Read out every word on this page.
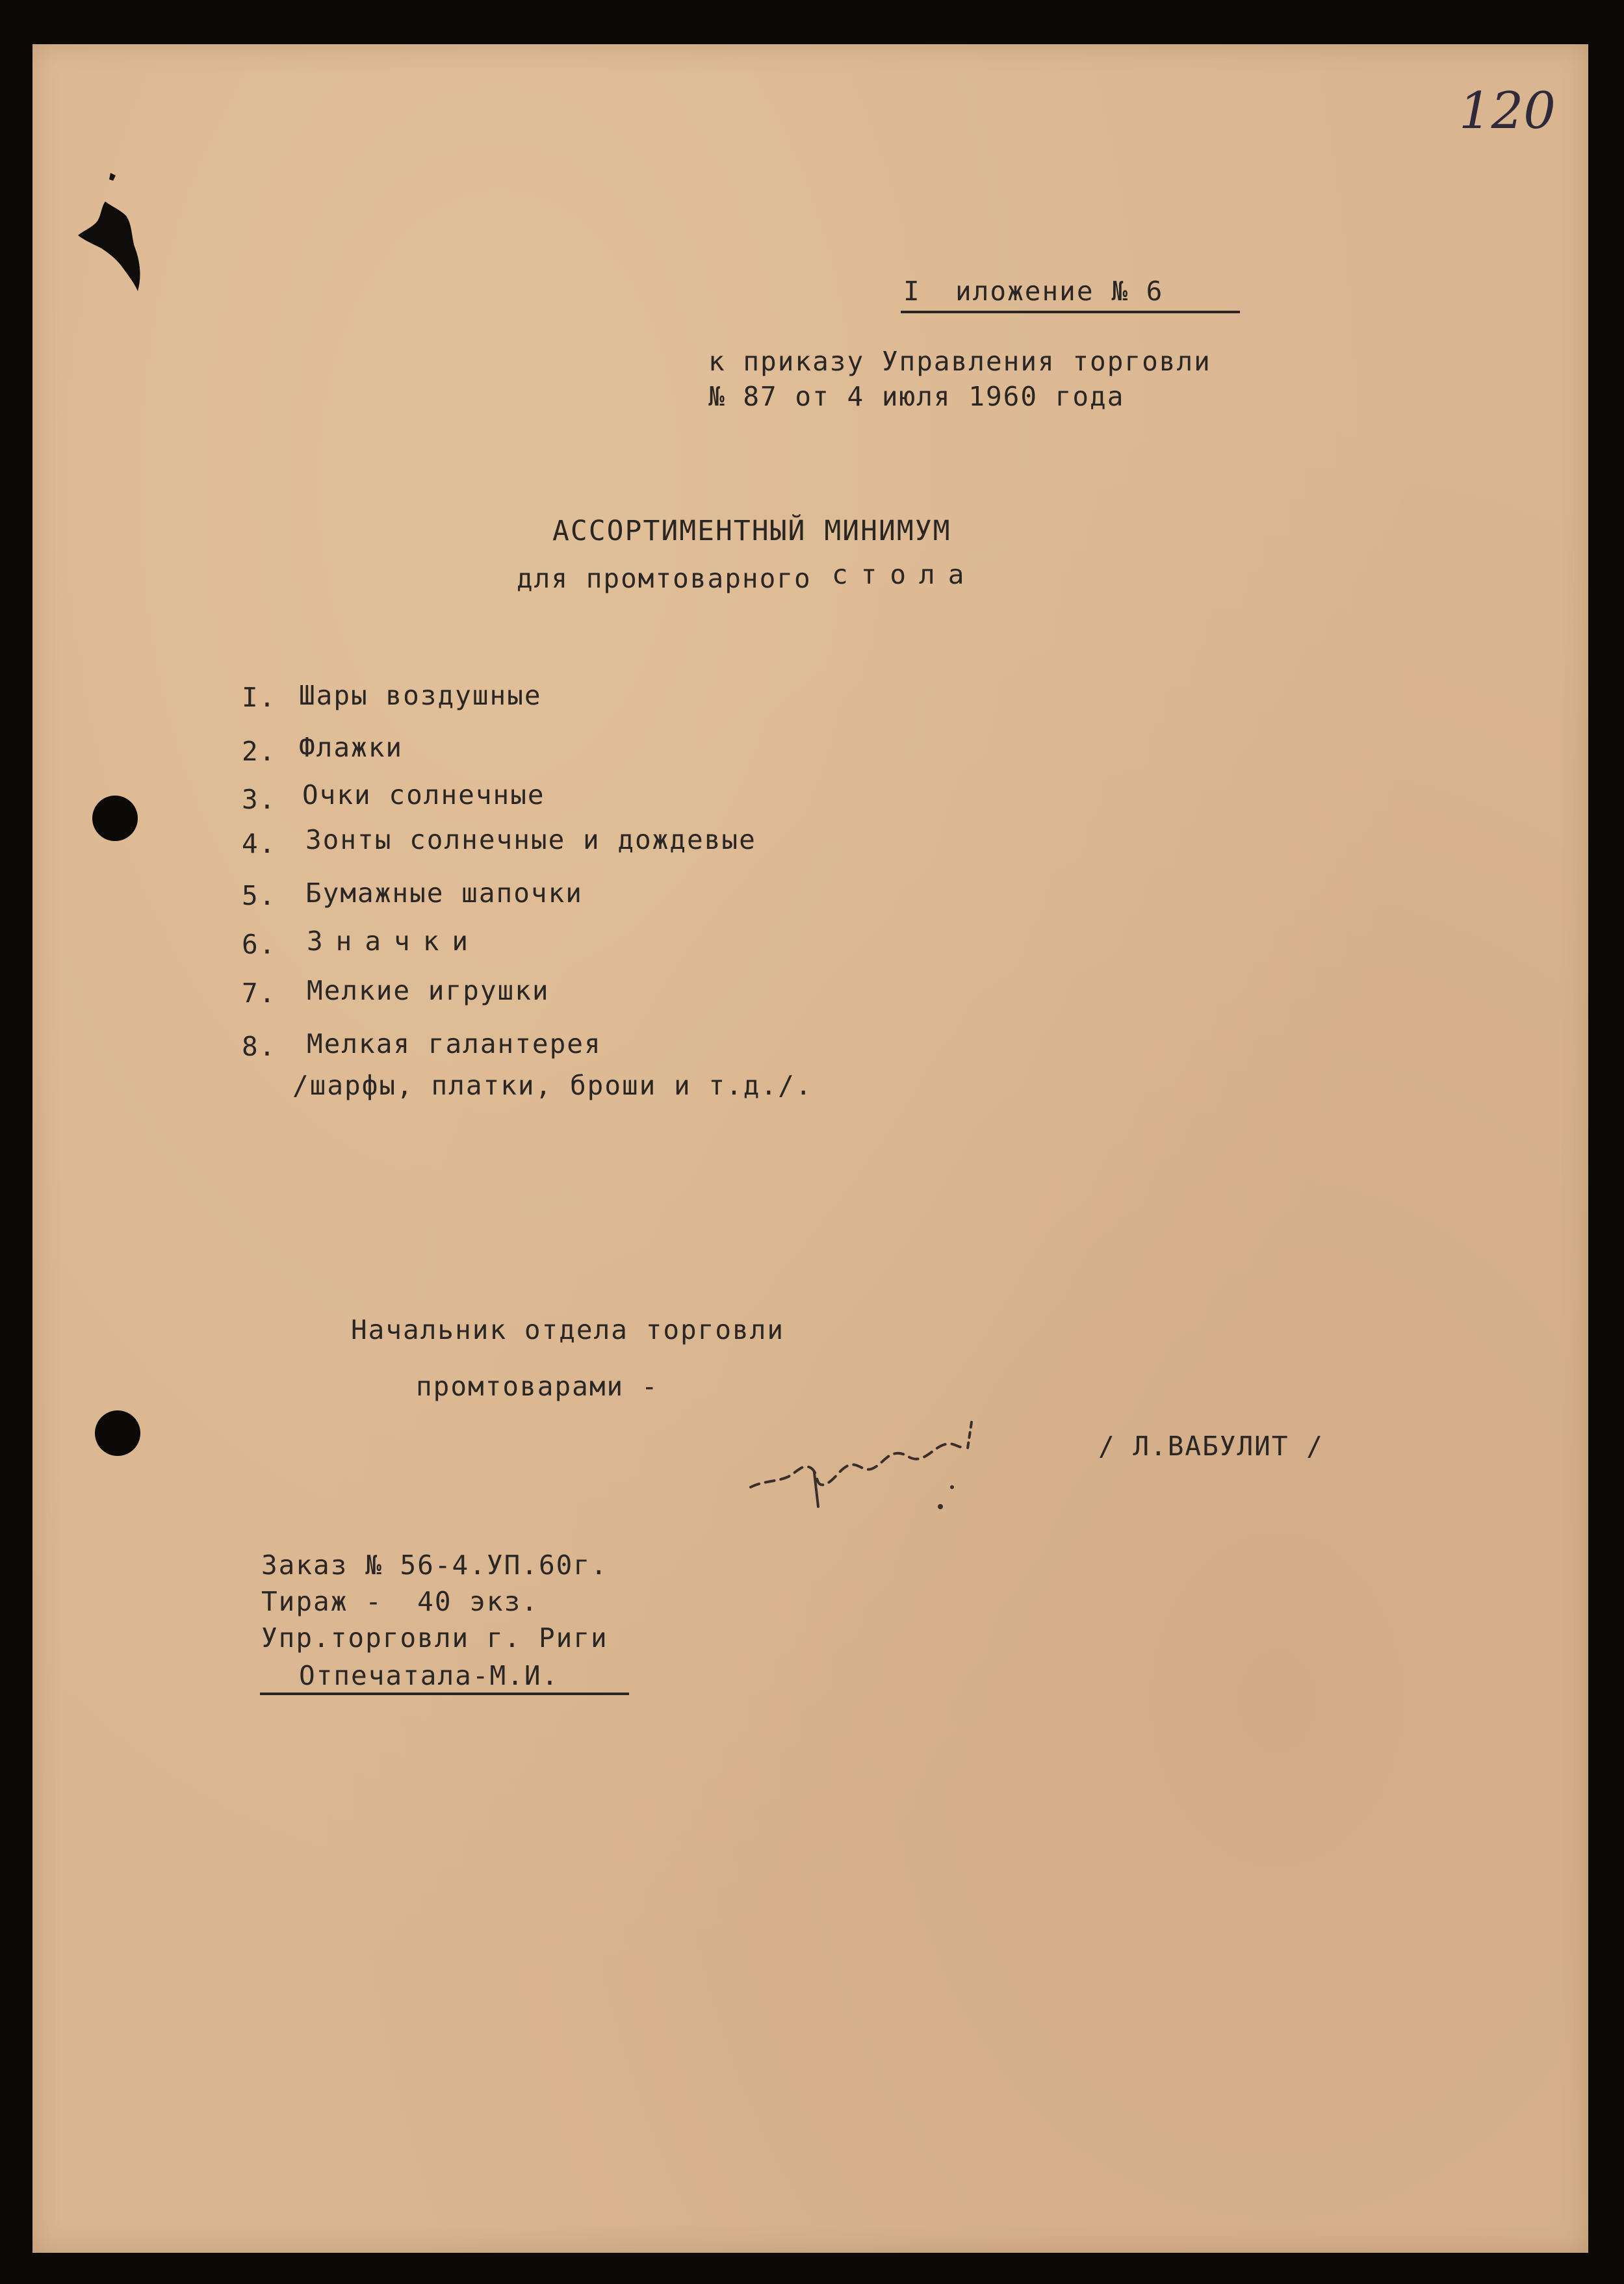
120
I  иложение № 6
к приказу Управления торговли
№ 87 от 4 июля 1960 года
АССОРТИМЕНТНЫЙ МИНИМУМ
для промтоварного стола
I. Шары воздушные
2. Флажки
3. Очки солнечные
4. Зонты солнечные и дождевые
5. Бумажные шапочки
6. Значки
7. Мелкие игрушки
8. Мелкая галантерея
/шарфы, платки, броши и т.д./.
Начальник отдела торговли
промтоварами -
/ Л.ВАБУЛИТ /
Заказ № 56-4.УП.60г.
Тираж -  40 экз.
Упр.торговли г. Риги
Отпечатала-М.И.
